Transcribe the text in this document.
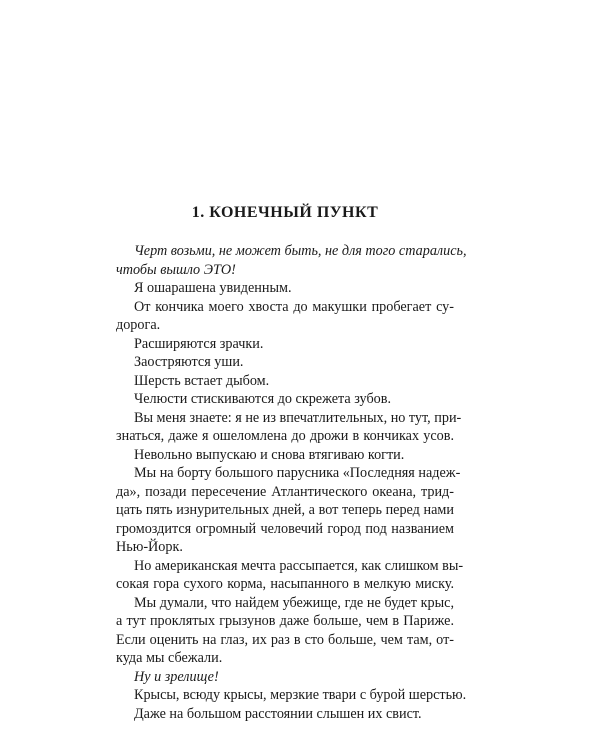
1. КОНЕЧНЫЙ ПУНКТ
Черт возьми, не может быть, не для того старались,
чтобы вышло ЭТО!
Я ошарашена увиденным.
От кончика моего хвоста до макушки пробегает су-
дорога.
Расширяются зрачки.
Заостряются уши.
Шерсть встает дыбом.
Челюсти стискиваются до скрежета зубов.
Вы меня знаете: я не из впечатлительных, но тут, при-
знаться, даже я ошеломлена до дрожи в кончиках усов.
Невольно выпускаю и снова втягиваю когти.
Мы на борту большого парусника «Последняя надеж-
да», позади пересечение Атлантического океана, трид-
цать пять изнурительных дней, а вот теперь перед нами
громоздится огромный человечий город под названием
Нью-Йорк.
Но американская мечта рассыпается, как слишком вы-
сокая гора сухого корма, насыпанного в мелкую миску.
Мы думали, что найдем убежище, где не будет крыс,
а тут проклятых грызунов даже больше, чем в Париже.
Если оценить на глаз, их раз в сто больше, чем там, от-
куда мы сбежали.
Ну и зрелище!
Крысы, всюду крысы, мерзкие твари с бурой шерстью.
Даже на большом расстоянии слышен их свист.
